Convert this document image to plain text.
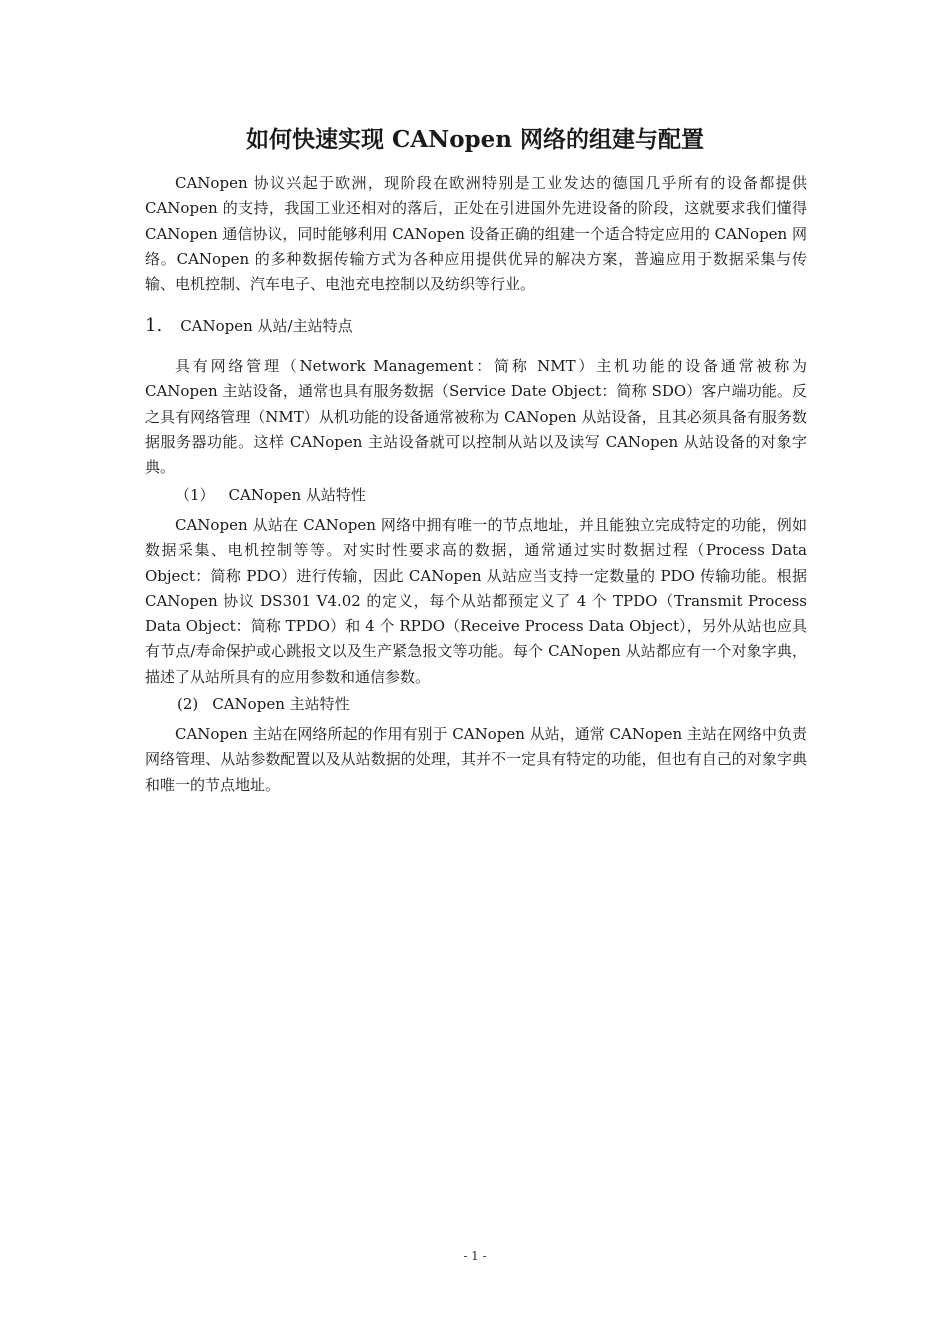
如何快速实现 CANopen 网络的组建与配置

CANopen 协议兴起于欧洲，现阶段在欧洲特别是工业发达的德国几乎所有的设备都提供 CANopen 的支持，我国工业还相对的落后，正处在引进国外先进设备的阶段，这就要求我们懂得 CANopen 通信协议，同时能够利用 CANopen 设备正确的组建一个适合特定应用的 CANopen 网络。CANopen 的多种数据传输方式为各种应用提供优异的解决方案，普遍应用于数据采集与传输、电机控制、汽车电子、电池充电控制以及纺织等行业。

1. CANopen 从站/主站特点

具有网络管理（Network Management：简称 NMT）主机功能的设备通常被称为 CANopen 主站设备，通常也具有服务数据（Service Date Object：简称 SDO）客户端功能。反之具有网络管理（NMT）从机功能的设备通常被称为 CANopen 从站设备，且其必须具备有服务数据服务器功能。这样 CANopen 主站设备就可以控制从站以及读写 CANopen 从站设备的对象字典。

（1） CANopen 从站特性

CANopen 从站在 CANopen 网络中拥有唯一的节点地址，并且能独立完成特定的功能，例如数据采集、电机控制等等。对实时性要求高的数据，通常通过实时数据过程（Process Data Object：简称 PDO）进行传输，因此 CANopen 从站应当支持一定数量的 PDO 传输功能。根据 CANopen 协议 DS301 V4.02 的定义，每个从站都预定义了 4 个 TPDO（Transmit Process Data Object：简称 TPDO）和 4 个 RPDO（Receive Process Data Object），另外从站也应具有节点/寿命保护或心跳报文以及生产紧急报文等功能。每个 CANopen 从站都应有一个对象字典，描述了从站所具有的应用参数和通信参数。

(2) CANopen 主站特性

CANopen 主站在网络所起的作用有别于 CANopen 从站，通常 CANopen 主站在网络中负责网络管理、从站参数配置以及从站数据的处理，其并不一定具有特定的功能，但也有自己的对象字典和唯一的节点地址。

- 1 -
